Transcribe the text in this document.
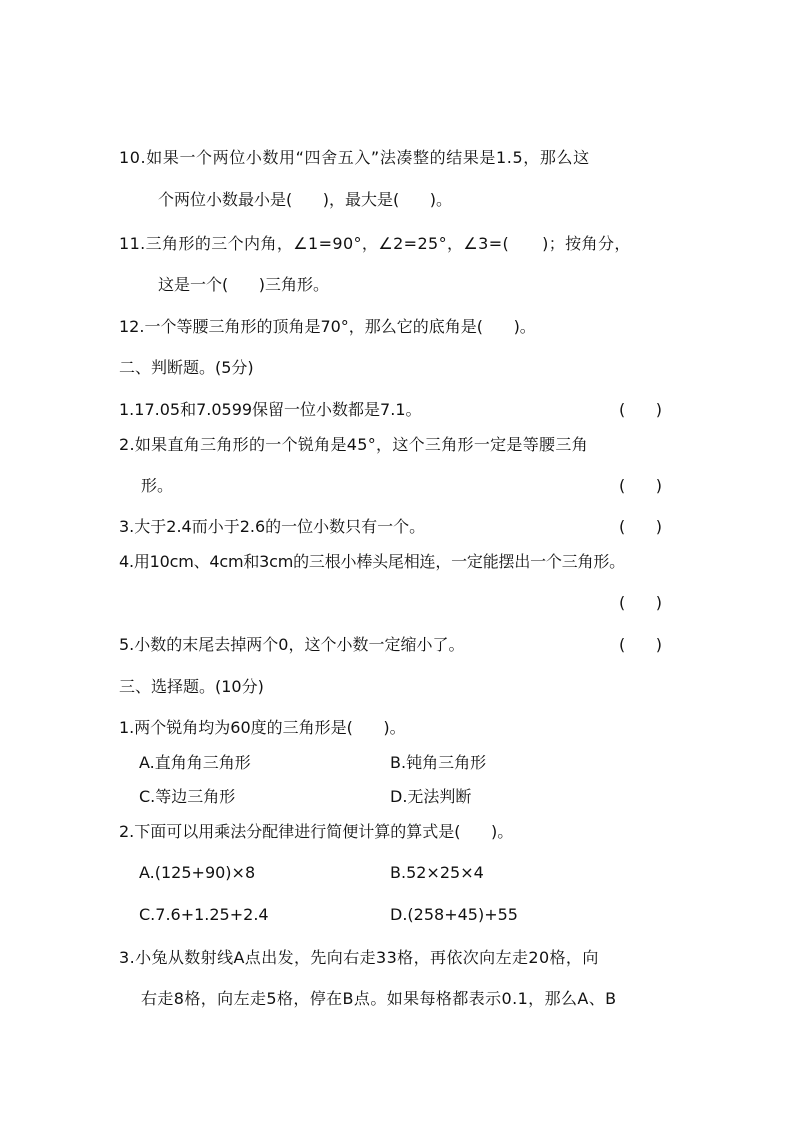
10.如果一个两位小数用“四舍五入”法凑整的结果是1.5，那么这
个两位小数最小是(      )，最大是(      )。
11.三角形的三个内角，∠1=90°，∠2=25°，∠3=(      )；按角分，
这是一个(      )三角形。
12.一个等腰三角形的顶角是70°，那么它的底角是(      )。
二、判断题。(5分)
1.17.05和7.0599保留一位小数都是7.1。	(      )
2.如果直角三角形的一个锐角是45°，这个三角形一定是等腰三角
形。	(      )
3.大于2.4而小于2.6的一位小数只有一个。	(      )
4.用10cm、4cm和3cm的三根小棒头尾相连，一定能摆出一个三角形。
(      )
5.小数的末尾去掉两个0，这个小数一定缩小了。	(      )
三、选择题。(10分)
1.两个锐角均为60度的三角形是(      )。
A.直角角三角形	B.钝角三角形
C.等边三角形	D.无法判断
2.下面可以用乘法分配律进行简便计算的算式是(      )。
A.(125+90)×8	B.52×25×4
C.7.6+1.25+2.4	D.(258+45)+55
3.小兔从数射线A点出发，先向右走33格，再依次向左走20格，向
右走8格，向左走5格，停在B点。如果每格都表示0.1，那么A、B
